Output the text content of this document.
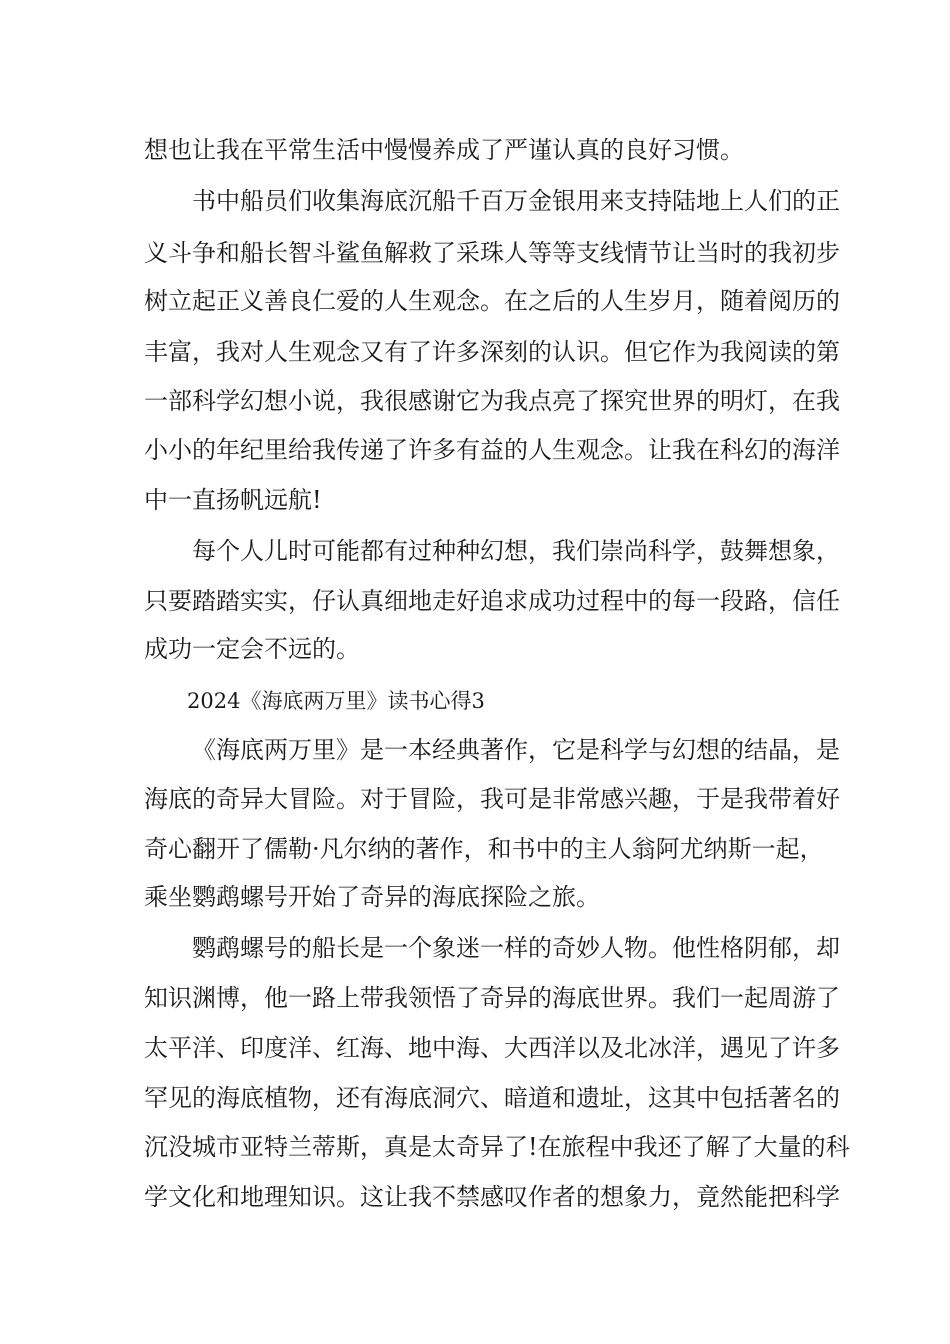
想也让我在平常生活中慢慢养成了严谨认真的良好习惯。
书中船员们收集海底沉船千百万金银用来支持陆地上人们的正
义斗争和船长智斗鲨鱼解救了采珠人等等支线情节让当时的我初步
树立起正义善良仁爱的人生观念。在之后的人生岁月，随着阅历的
丰富，我对人生观念又有了许多深刻的认识。但它作为我阅读的第
一部科学幻想小说，我很感谢它为我点亮了探究世界的明灯，在我
小小的年纪里给我传递了许多有益的人生观念。让我在科幻的海洋
中一直扬帆远航!
每个人儿时可能都有过种种幻想，我们崇尚科学，鼓舞想象，
只要踏踏实实，仔认真细地走好追求成功过程中的每一段路，信任
成功一定会不远的。
2024《海底两万里》读书心得3
《海底两万里》是一本经典著作，它是科学与幻想的结晶，是
海底的奇异大冒险。对于冒险，我可是非常感兴趣，于是我带着好
奇心翻开了儒勒·凡尔纳的著作，和书中的主人翁阿尤纳斯一起，
乘坐鹦鹉螺号开始了奇异的海底探险之旅。
鹦鹉螺号的船长是一个象迷一样的奇妙人物。他性格阴郁，却
知识渊博，他一路上带我领悟了奇异的海底世界。我们一起周游了
太平洋、印度洋、红海、地中海、大西洋以及北冰洋，遇见了许多
罕见的海底植物，还有海底洞穴、暗道和遗址，这其中包括著名的
沉没城市亚特兰蒂斯，真是太奇异了!在旅程中我还了解了大量的科
学文化和地理知识。这让我不禁感叹作者的想象力，竟然能把科学
